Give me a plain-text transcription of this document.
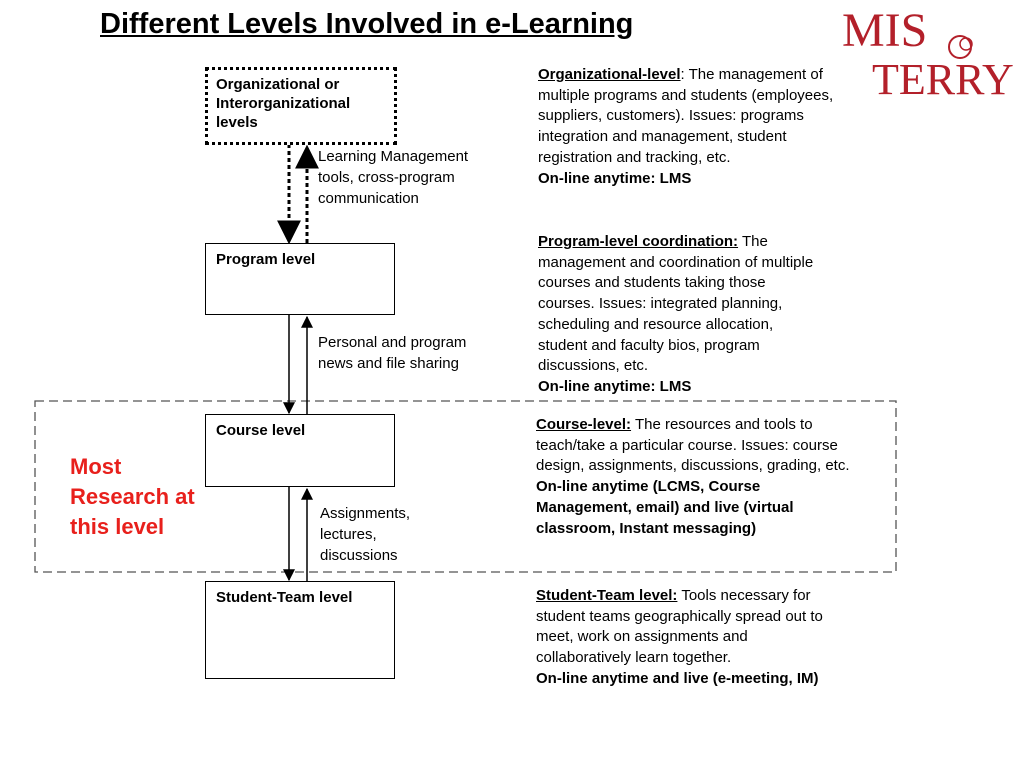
Different Levels Involved in e-Learning	MIS
TERRY
Organizational or Interorganizational levels
Program level
Course level
Student-Team level
Learning Management tools, cross-program communication
Personal and program news and file sharing
Assignments, lectures, discussions
Most Research at this level
Organizational-level: The management of multiple programs and students (employees, suppliers, customers). Issues: programs integration and management, student registration and tracking, etc.
On-line anytime: LMS
Program-level coordination: The management and coordination of multiple courses and students taking those courses. Issues: integrated planning, scheduling and resource allocation, student and faculty bios, program discussions, etc.
On-line anytime: LMS
Course-level: The resources and tools to teach/take a particular course. Issues: course design, assignments, discussions, grading, etc.
On-line anytime (LCMS, Course Management, email) and live (virtual classroom, Instant messaging)
Student-Team level: Tools necessary for student teams geographically spread out to meet, work on assignments and collaboratively learn together.
On-line anytime and live (e-meeting, IM)
